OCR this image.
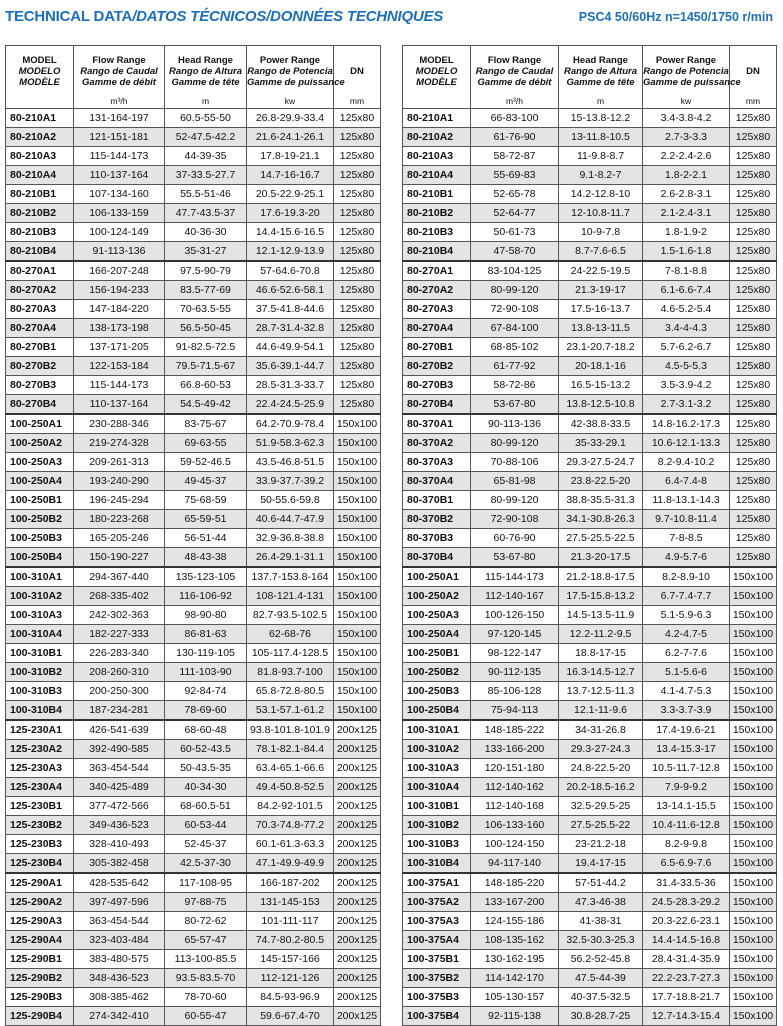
TECHNICAL DATA/DATOS TÉCNICOS/DONNÉES TECHNIQUES	PSC4 50/60Hz n=1450/1750 r/min
MODEL
MODELO
MODÈLE	Flow Range
Rango de Caudal
Gamme de débit	Head Range
Rango de Altura
Gamme de tête	Power Range
Rango de Potencia
Gamme de puissance	DN
	m³/h	m	kw	mm
80-210A1	131-164-197	60.5-55-50	26.8-29.9-33.4	125x80
80-210A2	121-151-181	52-47.5-42.2	21.6-24.1-26.1	125x80
80-210A3	115-144-173	44-39-35	17.8-19-21.1	125x80
80-210A4	110-137-164	37-33.5-27.7	14.7-16-16.7	125x80
80-210B1	107-134-160	55.5-51-46	20.5-22.9-25.1	125x80
80-210B2	106-133-159	47.7-43.5-37	17.6-19.3-20	125x80
80-210B3	100-124-149	40-36-30	14.4-15.6-16.5	125x80
80-210B4	91-113-136	35-31-27	12.1-12.9-13.9	125x80
80-270A1	166-207-248	97.5-90-79	57-64.6-70.8	125x80
80-270A2	156-194-233	83.5-77-69	46.6-52.6-58.1	125x80
80-270A3	147-184-220	70-63.5-55	37.5-41.8-44.6	125x80
80-270A4	138-173-198	56.5-50-45	28.7-31.4-32.8	125x80
80-270B1	137-171-205	91-82.5-72.5	44.6-49.9-54.1	125x80
80-270B2	122-153-184	79.5-71.5-67	35.6-39.1-44.7	125x80
80-270B3	115-144-173	66.8-60-53	28.5-31.3-33.7	125x80
80-270B4	110-137-164	54.5-49-42	22.4-24.5-25.9	125x80
100-250A1	230-288-346	83-75-67	64.2-70.9-78.4	150x100
100-250A2	219-274-328	69-63-55	51.9-58.3-62.3	150x100
100-250A3	209-261-313	59-52-46.5	43.5-46.8-51.5	150x100
100-250A4	193-240-290	49-45-37	33.9-37.7-39.2	150x100
100-250B1	196-245-294	75-68-59	50-55.6-59.8	150x100
100-250B2	180-223-268	65-59-51	40.6-44.7-47.9	150x100
100-250B3	165-205-246	56-51-44	32.9-36.8-38.8	150x100
100-250B4	150-190-227	48-43-38	26.4-29.1-31.1	150x100
100-310A1	294-367-440	135-123-105	137.7-153.8-164	150x100
100-310A2	268-335-402	116-106-92	108-121.4-131	150x100
100-310A3	242-302-363	98-90-80	82.7-93.5-102.5	150x100
100-310A4	182-227-333	86-81-63	62-68-76	150x100
100-310B1	226-283-340	130-119-105	105-117.4-128.5	150x100
100-310B2	208-260-310	111-103-90	81.8-93.7-100	150x100
100-310B3	200-250-300	92-84-74	65.8-72.8-80.5	150x100
100-310B4	187-234-281	78-69-60	53.1-57.1-61.2	150x100
125-230A1	426-541-639	68-60-48	93.8-101.8-101.9	200x125
125-230A2	392-490-585	60-52-43.5	78.1-82.1-84.4	200x125
125-230A3	363-454-544	50-43.5-35	63.4-65.1-66.6	200x125
125-230A4	340-425-489	40-34-30	49.4-50.8-52.5	200x125
125-230B1	377-472-566	68-60.5-51	84.2-92-101.5	200x125
125-230B2	349-436-523	60-53-44	70.3-74.8-77.2	200x125
125-230B3	328-410-493	52-45-37	60.1-61.3-63.3	200x125
125-230B4	305-382-458	42.5-37-30	47.1-49.9-49.9	200x125
125-290A1	428-535-642	117-108-95	166-187-202	200x125
125-290A2	397-497-596	97-88-75	131-145-153	200x125
125-290A3	363-454-544	80-72-62	101-111-117	200x125
125-290A4	323-403-484	65-57-47	74.7-80.2-80.5	200x125
125-290B1	383-480-575	113-100-85.5	145-157-166	200x125
125-290B2	348-436-523	93.5-83.5-70	112-121-126	200x125
125-290B3	308-385-462	78-70-60	84.5-93-96.9	200x125
125-290B4	274-342-410	60-55-47	59.6-67.4-70	200x125
MODEL
MODELO
MODÈLE	Flow Range
Rango de Caudal
Gamme de débit	Head Range
Rango de Altura
Gamme de tête	Power Range
Rango de Potencia
Gamme de puissance	DN
	m³/h	m	kw	mm
80-210A1	66-83-100	15-13.8-12.2	3.4-3.8-4.2	125x80
80-210A2	61-76-90	13-11.8-10.5	2.7-3-3.3	125x80
80-210A3	58-72-87	11-9.8-8.7	2.2-2.4-2.6	125x80
80-210A4	55-69-83	9.1-8.2-7	1.8-2-2.1	125x80
80-210B1	52-65-78	14.2-12.8-10	2.6-2.8-3.1	125x80
80-210B2	52-64-77	12-10.8-11.7	2.1-2.4-3.1	125x80
80-210B3	50-61-73	10-9-7.8	1.8-1.9-2	125x80
80-210B4	47-58-70	8.7-7.6-6.5	1.5-1.6-1.8	125x80
80-270A1	83-104-125	24-22.5-19.5	7-8.1-8.8	125x80
80-270A2	80-99-120	21.3-19-17	6.1-6.6-7.4	125x80
80-270A3	72-90-108	17.5-16-13.7	4.6-5.2-5.4	125x80
80-270A4	67-84-100	13.8-13-11.5	3.4-4-4.3	125x80
80-270B1	68-85-102	23.1-20.7-18.2	5.7-6.2-6.7	125x80
80-270B2	61-77-92	20-18.1-16	4.5-5-5.3	125x80
80-270B3	58-72-86	16.5-15-13.2	3.5-3.9-4.2	125x80
80-270B4	53-67-80	13.8-12.5-10.8	2.7-3.1-3.2	125x80
80-370A1	90-113-136	42-38.8-33.5	14.8-16.2-17.3	125x80
80-370A2	80-99-120	35-33-29.1	10.6-12.1-13.3	125x80
80-370A3	70-88-106	29.3-27.5-24.7	8.2-9.4-10.2	125x80
80-370A4	65-81-98	23.8-22.5-20	6.4-7.4-8	125x80
80-370B1	80-99-120	38.8-35.5-31.3	11.8-13.1-14.3	125x80
80-370B2	72-90-108	34.1-30.8-26.3	9.7-10.8-11.4	125x80
80-370B3	60-76-90	27.5-25.5-22.5	7-8-8.5	125x80
80-370B4	53-67-80	21.3-20-17.5	4.9-5.7-6	125x80
100-250A1	115-144-173	21.2-18.8-17.5	8.2-8.9-10	150x100
100-250A2	112-140-167	17.5-15.8-13.2	6.7-7.4-7.7	150x100
100-250A3	100-126-150	14.5-13.5-11.9	5.1-5.9-6.3	150x100
100-250A4	97-120-145	12.2-11.2-9.5	4.2-4.7-5	150x100
100-250B1	98-122-147	18.8-17-15	6.2-7-7.6	150x100
100-250B2	90-112-135	16.3-14.5-12.7	5.1-5.6-6	150x100
100-250B3	85-106-128	13.7-12.5-11.3	4.1-4.7-5.3	150x100
100-250B4	75-94-113	12.1-11-9.6	3.3-3.7-3.9	150x100
100-310A1	148-185-222	34-31-26.8	17.4-19.6-21	150x100
100-310A2	133-166-200	29.3-27-24.3	13.4-15.3-17	150x100
100-310A3	120-151-180	24.8-22.5-20	10.5-11.7-12.8	150x100
100-310A4	112-140-162	20.2-18.5-16.2	7.9-9-9.2	150x100
100-310B1	112-140-168	32.5-29.5-25	13-14.1-15.5	150x100
100-310B2	106-133-160	27.5-25.5-22	10.4-11.6-12.8	150x100
100-310B3	100-124-150	23-21.2-18	8.2-9-9.8	150x100
100-310B4	94-117-140	19.4-17-15	6.5-6.9-7.6	150x100
100-375A1	148-185-220	57-51-44.2	31.4-33.5-36	150x100
100-375A2	133-167-200	47.3-46-38	24.5-28.3-29.2	150x100
100-375A3	124-155-186	41-38-31	20.3-22.6-23.1	150x100
100-375A4	108-135-162	32.5-30.3-25.3	14.4-14.5-16.8	150x100
100-375B1	130-162-195	56.2-52-45.8	28.4-31.4-35.9	150x100
100-375B2	114-142-170	47.5-44-39	22.2-23.7-27.3	150x100
100-375B3	105-130-157	40-37.5-32.5	17.7-18.8-21.7	150x100
100-375B4	92-115-138	30.8-28.7-25	12.7-14.3-15.4	150x100
